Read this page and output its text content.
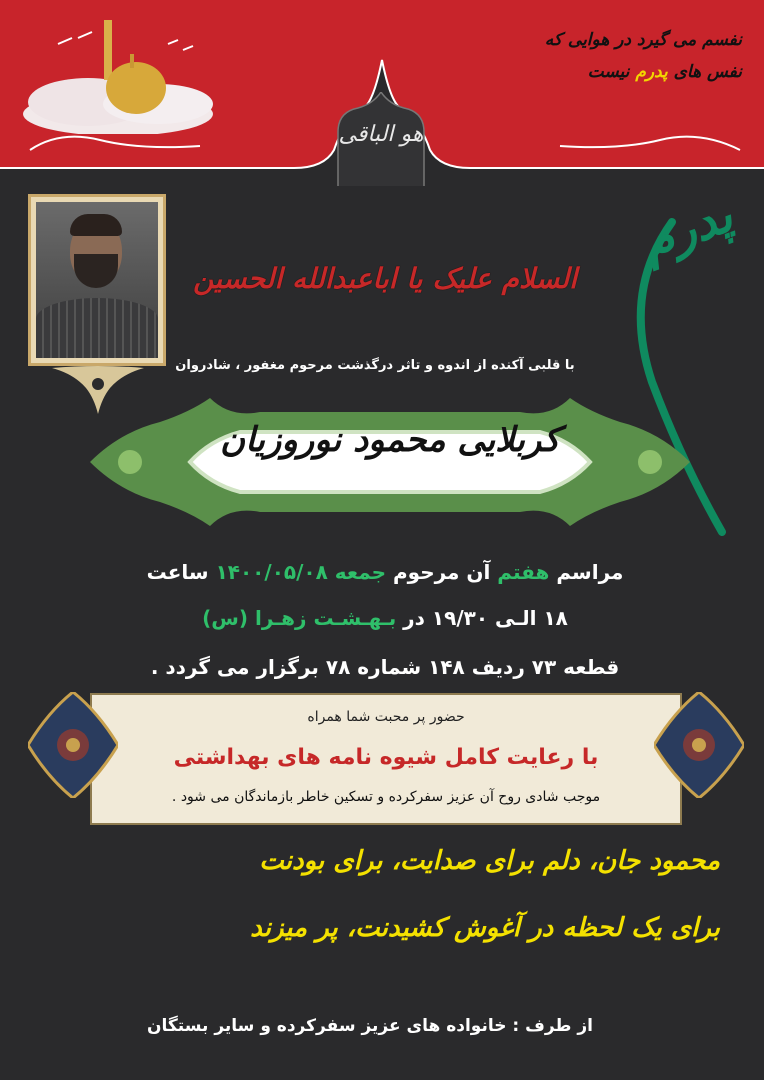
نفسم می گیرد در هوایی که
نفس های پدرم نیست
هو الباقی
پدرم
السلام علیک یا اباعبدالله الحسین
با قلبی آکنده از اندوه و تاثر درگذشت مرحوم مغفور ، شادروان
کربلایی محمود نوروزیان
مراسم هفتم آن مرحوم جمعه ۱۴۰۰/۰۵/۰۸ ساعت
۱۸ الـی ۱۹/۳۰ در بـهـشـت زهـرا (س)
قطعه ۷۳ ردیف ۱۴۸ شماره ۷۸ برگزار می گردد .
حضور پر محبت شما همراه
با رعایت کامل شیوه نامه های بهداشتی
موجب شادی روح آن عزیز سفرکرده و تسکین خاطر بازماندگان می شود .
محمود جان، دلم برای صدایت، برای بودنت
برای یک لحظه در آغوش کشیدنت، پر میزند
از طرف : خانواده های عزیز سفرکرده و سایر بستگان
